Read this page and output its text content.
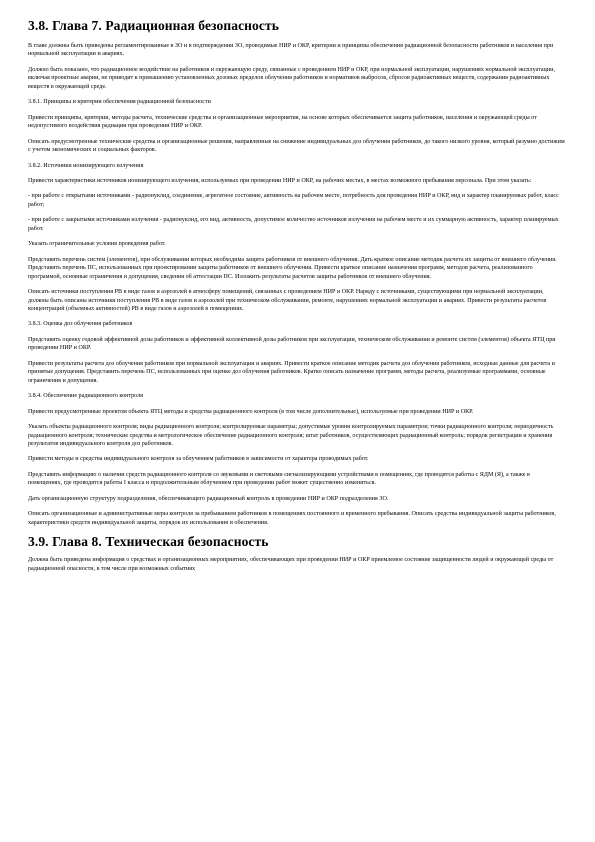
3.8. Глава 7. Радиационная безопасность

В главе должны быть приведены регламентированные в ЗО и в подтверждении ЗО, проводимые НИР и ОКР, критерии и принципы обеспечения радиационной безопасности работников и населения при нормальной эксплуатации и авариях.

Должно быть показано, что радиационное воздействие на работников и окружающую среду, связанные с проведением НИР и ОКР, при нормальной эксплуатации, нарушениях нормальной эксплуатации, включая проектные аварии, не приводит к превышению установленных дозовых пределов облучения работников и нормативов выбросов, сбросов радиоактивных веществ, содержания радиоактивных веществ в окружающей среде.

3.8.1. Принципы и критерии обеспечения радиационной безопасности

Привести принципы, критерии, методы расчета, технические средства и организационные мероприятия, на основе которых обеспечивается защита работников, населения и окружающей среды от недопустимого воздействия радиации при проведении НИР и ОКР.

Описать предусмотренные технические средства и организационные решения, направленные на снижение индивидуальных доз облучения работников, до такого низкого уровня, который разумно достижим с учетом экономических и социальных факторов.

3.8.2. Источники ионизирующего излучения

Привести характеристики источников ионизирующего излучения, используемых при проведении НИР и ОКР, на рабочих местах, в местах возможного пребывания персонала. При этом указать:

- при работе с открытыми источниками - радионуклид, соединение, агрегатное состояние, активность на рабочем месте, потребность для проведения НИР и ОКР, вид и характер планируемых работ, класс работ;

- при работе с закрытыми источниками излучения - радионуклид, его вид, активность, допустимое количество источников излучения на рабочем месте и их суммарную активность, характер планируемых работ.

Указать ограничительные условия проведения работ.

Представить перечень систем (элементов), при обслуживании которых необходима защита работников от внешнего облучения. Дать краткое описание методик расчета их защиты от внешнего облучения. Представить перечень ПС, использованных при проектировании защиты работников от внешнего облучения. Привести краткое описание назначения программ, методов расчета, реализованного программой, основные ограничения и допущения, сведения об аттестации ПС. Изложить результаты расчетов защиты работников от внешнего облучения.

Описать источники поступления РВ в виде газов и аэрозолей в атмосферу помещений, связанных с проведением НИР и ОКР. Наряду с источниками, существующими при нормальной эксплуатации, должны быть описаны источники поступления РВ в виде газов и аэрозолей при техническом обслуживании, ремонте, нарушениях нормальной эксплуатации и авариях. Привести результаты расчетов концентраций (объемных активностей) РВ в виде газов и аэрозолей в помещениях.

3.8.3. Оценка доз облучения работников

Представить оценку годовой эффективной дозы работников и эффективной коллективной дозы работников при эксплуатации, техническом обслуживании и ремонте систем (элементов) объекта ЯТЦ при проведении НИР и ОКР.

Привести результаты расчета доз облучения работников при нормальной эксплуатации и авариях. Привести краткое описание методик расчета доз облучения работников, исходные данные для расчета и принятые допущения. Представить перечень ПС, использованных при оценке доз облучения работников. Кратко описать назначение программ, методы расчета, реализуемые программами, основные ограничения и допущения.

3.8.4. Обеспечение радиационного контроля

Привести предусмотренные проектом объекта ЯТЦ методы и средства радиационного контроля (в том числе дополнительные), используемые при проведении НИР и ОКР.

Указать объекты радиационного контроля; виды радиационного контроля; контролируемые параметры; допустимые уровни контролируемых параметров; точки радиационного контроля; периодичность радиационного контроля; технические средства и метрологическое обеспечение радиационного контроля; штат работников, осуществляющих радиационный контроль; порядок регистрации и хранения результатов индивидуального контроля доз работников.

Привести методы и средства индивидуального контроля за облучением работников в зависимости от характера проводимых работ.

Представить информацию о наличии средств радиационного контроля со звуковыми и световыми сигнализирующими устройствами в помещениях, где проводятся работы с ЯДМ (Я), а также в помещениях, где проводятся работы I класса и продолжительным облучением при проведении работ может существенно измениться.

Дать организационную структуру подразделения, обеспечивающего радиационный контроль в проведении НИР и ОКР подразделения ЗО.

Описать организационные и административные меры контроля за пребыванием работников в помещениях постоянного и временного пребывания. Описать средства индивидуальной защиты работников, характеристики средств индивидуальной защиты, порядок их использования и обеспечения.

3.9. Глава 8. Техническая безопасность

Должна быть приведена информация о средствах и организационных мероприятиях, обеспечивающих при проведении НИР и ОКР приемлемое состояние защищенности людей и окружающей среды от радиационной опасности, в том числе при возможных событиях
